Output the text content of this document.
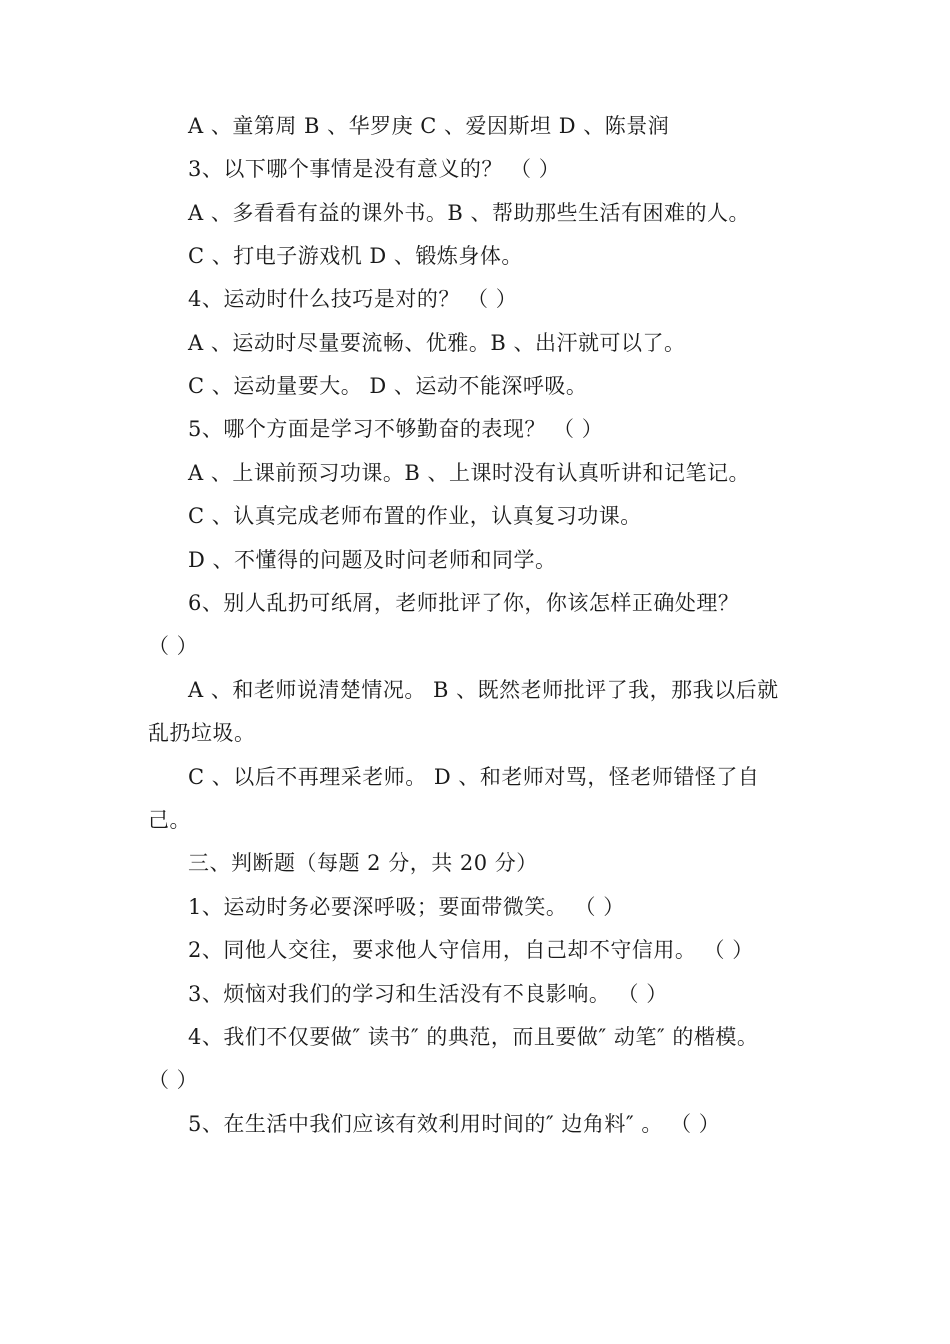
A 、童第周 B 、华罗庚 C 、爱因斯坦 D 、陈景润
3、以下哪个事情是没有意义的？ （ ）
A 、多看看有益的课外书。B 、帮助那些生活有困难的人。
C 、打电子游戏机 D 、锻炼身体。
4、运动时什么技巧是对的？ （ ）
A 、运动时尽量要流畅、优雅。B 、出汗就可以了。
C 、运动量要大。 D 、运动不能深呼吸。
5、哪个方面是学习不够勤奋的表现？ （ ）
A 、上课前预习功课。B 、上课时没有认真听讲和记笔记。
C 、认真完成老师布置的作业，认真复习功课。
D 、不懂得的问题及时问老师和同学。
6、别人乱扔可纸屑，老师批评了你，你该怎样正确处理？
（ ）
A 、和老师说清楚情况。 B 、既然老师批评了我，那我以后就
乱扔垃圾。
C 、以后不再理采老师。 D 、和老师对骂，怪老师错怪了自
己。
三、判断题（每题 2 分，共 20 分）
1、运动时务必要深呼吸；要面带微笑。 （ ）
2、同他人交往，要求他人守信用，自己却不守信用。 （ ）
3、烦恼对我们的学习和生活没有不良影响。 （ ）
4、我们不仅要做″ 读书″ 的典范，而且要做″ 动笔″ 的楷模。
（ ）
5、在生活中我们应该有效利用时间的″ 边角料″ 。 （ ）
